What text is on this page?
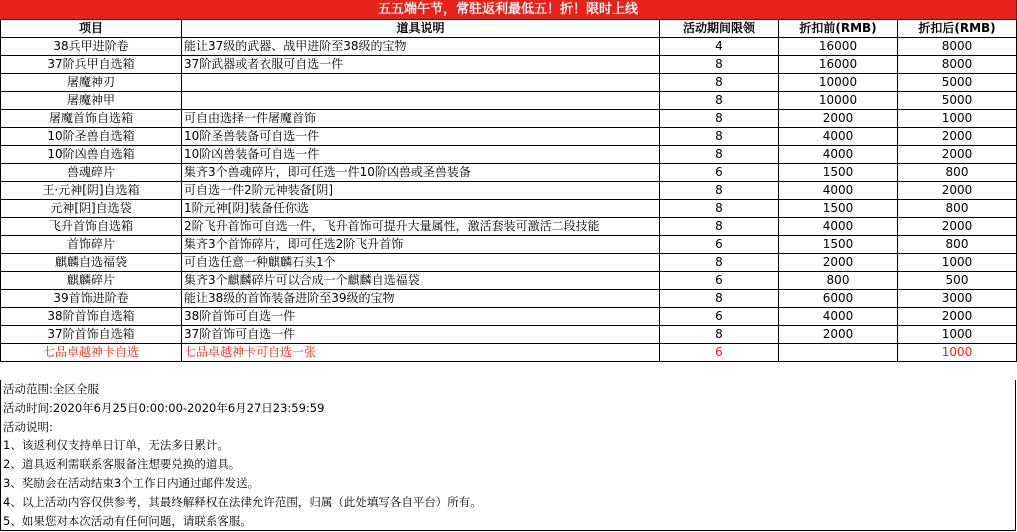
五五端午节，常驻返利最低五！折！限时上线
项目	道具说明	活动期间限领	折扣前(RMB)	折扣后(RMB)
38兵甲进阶卷	能让37级的武器、战甲进阶至38级的宝物	4	16000	8000
37阶兵甲自选箱	37阶武器或者衣服可自选一件	8	16000	8000
屠魔神刃		8	10000	5000
屠魔神甲		8	10000	5000
屠魔首饰自选箱	可自由选择一件屠魔首饰	8	2000	1000
10阶圣兽自选箱	10阶圣兽装备可自选一件	8	4000	2000
10阶凶兽自选箱	10阶凶兽装备可自选一件	8	4000	2000
兽魂碎片	集齐3个兽魂碎片，即可任选一件10阶凶兽或圣兽装备	6	1500	800
王·元神[阴]自选箱	可自选一件2阶元神装备[阴]	8	4000	2000
元神[阴]自选袋	1阶元神[阴]装备任你选	8	1500	800
飞升首饰自选箱	2阶飞升首饰可自选一件，飞升首饰可提升大量属性，激活套装可激活二段技能	8	4000	2000
首饰碎片	集齐3个首饰碎片，即可任选2阶飞升首饰	6	1500	800
麒麟自选福袋	可自选任意一种麒麟石头1个	8	2000	1000
麒麟碎片	集齐3个麒麟碎片可以合成一个麒麟自选福袋	6	800	500
39首饰进阶卷	能让38级的首饰装备进阶至39级的宝物	8	6000	3000
38阶首饰自选箱	38阶首饰可自选一件	6	4000	2000
37阶首饰自选箱	37阶首饰可自选一件	8	2000	1000
七品卓越神卡自选	七品卓越神卡可自选一张	6		1000
活动范围:全区全服
活动时间:2020年6月25日0:00:00-2020年6月27日23:59:59
活动说明:
1、该返利仅支持单日订单，无法多日累计。
2、道具返利需联系客服备注想要兑换的道具。
3、奖励会在活动结束3个工作日内通过邮件发送。
4、以上活动内容仅供参考，其最终解释权在法律允许范围，归属（此处填写各自平台）所有。
5、如果您对本次活动有任何问题，请联系客服。
